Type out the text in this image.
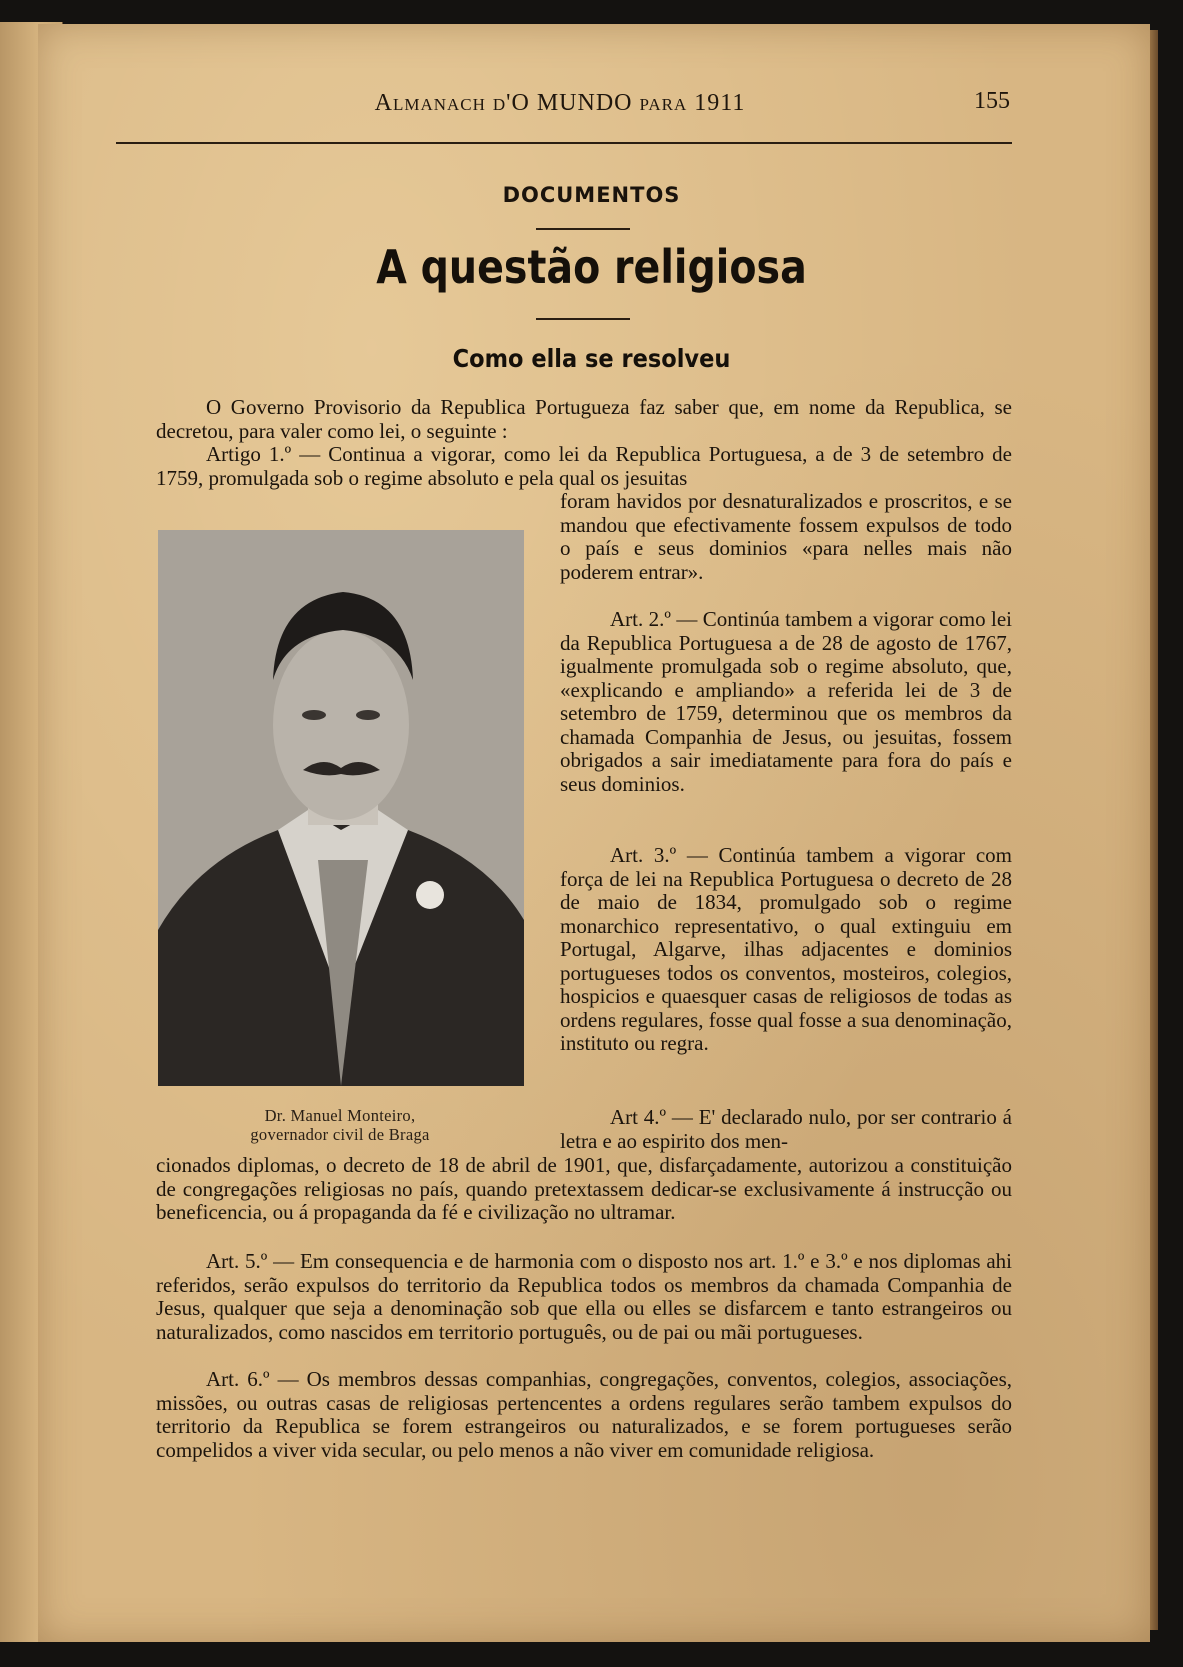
Almanach d'O MUNDO para 1911	155
DOCUMENTOS
A questão religiosa
Como ella se resolveu
O Governo Provisorio da Republica Portugueza faz saber que, em nome da Republica, se decretou, para valer como lei, o seguinte :
Artigo 1.º — Continua a vigorar, como lei da Republica Portuguesa, a de 3 de setembro de 1759, promulgada sob o regime absoluto e pela qual os jesuitas
Dr. Manuel Monteiro,
governador civil de Braga
foram havidos por desnaturalizados e proscritos, e se mandou que efectivamente fossem expulsos de todo o país e seus dominios «para nelles mais não poderem entrar».
Art. 2.º — Continúa tambem a vigorar como lei da Republica Portuguesa a de 28 de agosto de 1767, igualmente promulgada sob o regime absoluto, que, «explicando e ampliando» a referida lei de 3 de setembro de 1759, determinou que os membros da chamada Companhia de Jesus, ou jesuitas, fossem obrigados a sair imediatamente para fora do país e seus dominios.
Art. 3.º — Continúa tambem a vigorar com força de lei na Republica Portuguesa o decreto de 28 de maio de 1834, promulgado sob o regime monarchico representativo, o qual extinguiu em Portugal, Algarve, ilhas adjacentes e dominios portugueses todos os conventos, mosteiros, colegios, hospicios e quaesquer casas de religiosos de todas as ordens regulares, fosse qual fosse a sua denominação, instituto ou regra.
Art 4.º — E' declarado nulo, por ser contrario á letra e ao espirito dos men-
cionados diplomas, o decreto de 18 de abril de 1901, que, disfarçadamente, autorizou a constituição de congregações religiosas no país, quando pretextassem dedicar-se exclusivamente á instrucção ou beneficencia, ou á propaganda da fé e civilização no ultramar.
Art. 5.º — Em consequencia e de harmonia com o disposto nos art. 1.º e 3.º e nos diplomas ahi referidos, serão expulsos do territorio da Republica todos os membros da chamada Companhia de Jesus, qualquer que seja a denominação sob que ella ou elles se disfarcem e tanto estrangeiros ou naturalizados, como nascidos em territorio português, ou de pai ou mãi portugueses.
Art. 6.º — Os membros dessas companhias, congregações, conventos, colegios, associações, missões, ou outras casas de religiosas pertencentes a ordens regulares serão tambem expulsos do territorio da Republica se forem estrangeiros ou naturalizados, e se forem portugueses serão compelidos a viver vida secular, ou pelo menos a não viver em comunidade religiosa.
